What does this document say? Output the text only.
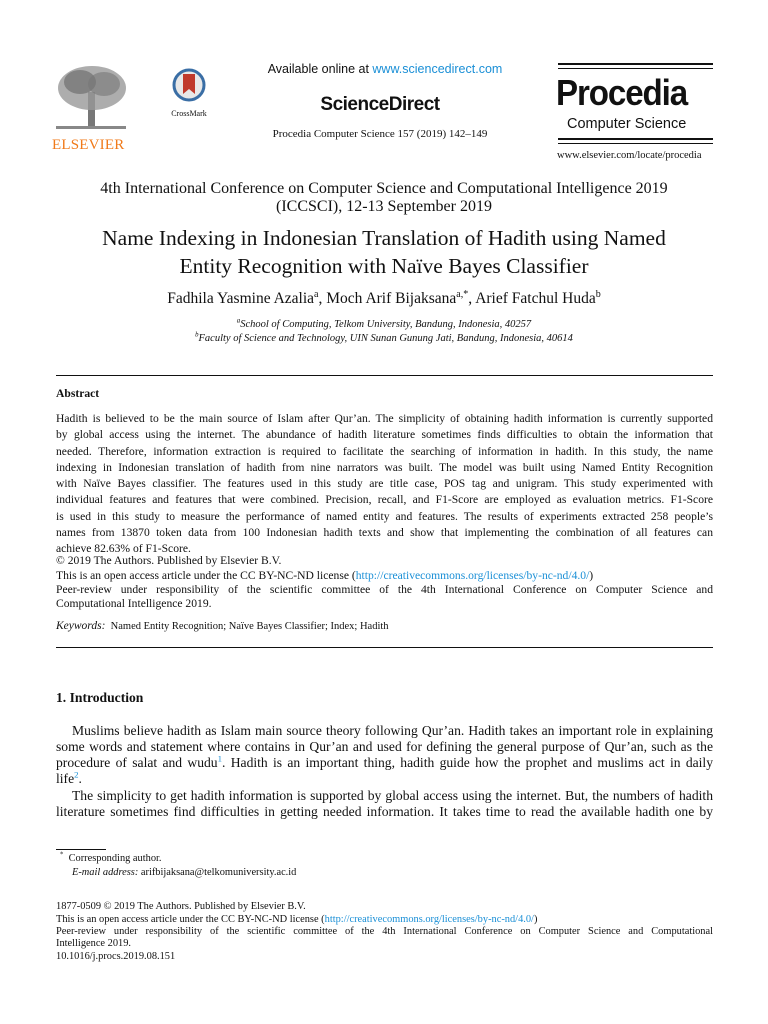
ELSEVIER
CrossMark
Available online at www.sciencedirect.com
ScienceDirect
Procedia Computer Science 157 (2019) 142–149
Procedia
Computer Science
www.elsevier.com/locate/procedia
4th International Conference on Computer Science and Computational Intelligence 2019
(ICCSCI), 12-13 September 2019
Name Indexing in Indonesian Translation of Hadith using Named
Entity Recognition with Naïve Bayes Classifier
Fadhila Yasmine Azalia$^a$, Moch Arif Bijaksana$^{a,*}$, Arief Fatchul Huda$^b$
$^a$School of Computing, Telkom University, Bandung, Indonesia, 40257
$^b$Faculty of Science and Technology, UIN Sunan Gunung Jati, Bandung, Indonesia, 40614
Abstract
Hadith is believed to be the main source of Islam after Qur’an. The simplicity of obtaining hadith information is currently supported
by global access using the internet. The abundance of hadith literature sometimes finds difficulties to obtain the information that
needed. Therefore, information extraction is required to facilitate the searching of information in hadith. In this study, the name
indexing in Indonesian translation of hadith from nine narrators was built. The model was built using Named Entity Recognition
with Naïve Bayes classifier. The features used in this study are title case, POS tag and unigram. This study experimented with
individual features and features that were combined. Precision, recall, and F1-Score are employed as evaluation metrics. F1-Score
is used in this study to measure the performance of named entity and features. The results of experiments extracted 258 people’s
names from 13870 token data from 100 Indonesian hadith texts and show that implementing the combination of all features can
achieve 82.63% of F1-Score.
© 2019 The Authors. Published by Elsevier B.V.
This is an open access article under the CC BY-NC-ND license (http://creativecommons.org/licenses/by-nc-nd/4.0/)
Peer-review under responsibility of the scientific committee of the 4th International Conference on Computer Science and
Computational Intelligence 2019.
Keywords: Named Entity Recognition; Naïve Bayes Classifier; Index; Hadith
1. Introduction
Muslims believe hadith as Islam main source theory following Qur’an. Hadith takes an important role in explaining
some words and statement where contains in Qur’an and used for defining the general purpose of Qur’an, such as the
procedure of salat and wudu$^1$. Hadith is an important thing, hadith guide how the prophet and muslims act in daily
life$^2$.
The simplicity to get hadith information is supported by global access using the internet. But, the numbers of hadith
literature sometimes find difficulties in getting needed information. It takes time to read the available hadith one by
* Corresponding author.
E-mail address: arifbijaksana@telkomuniversity.ac.id
1877-0509 © 2019 The Authors. Published by Elsevier B.V.
This is an open access article under the CC BY-NC-ND license (http://creativecommons.org/licenses/by-nc-nd/4.0/)
Peer-review under responsibility of the scientific committee of the 4th International Conference on Computer Science and Computational
Intelligence 2019.
10.1016/j.procs.2019.08.151
